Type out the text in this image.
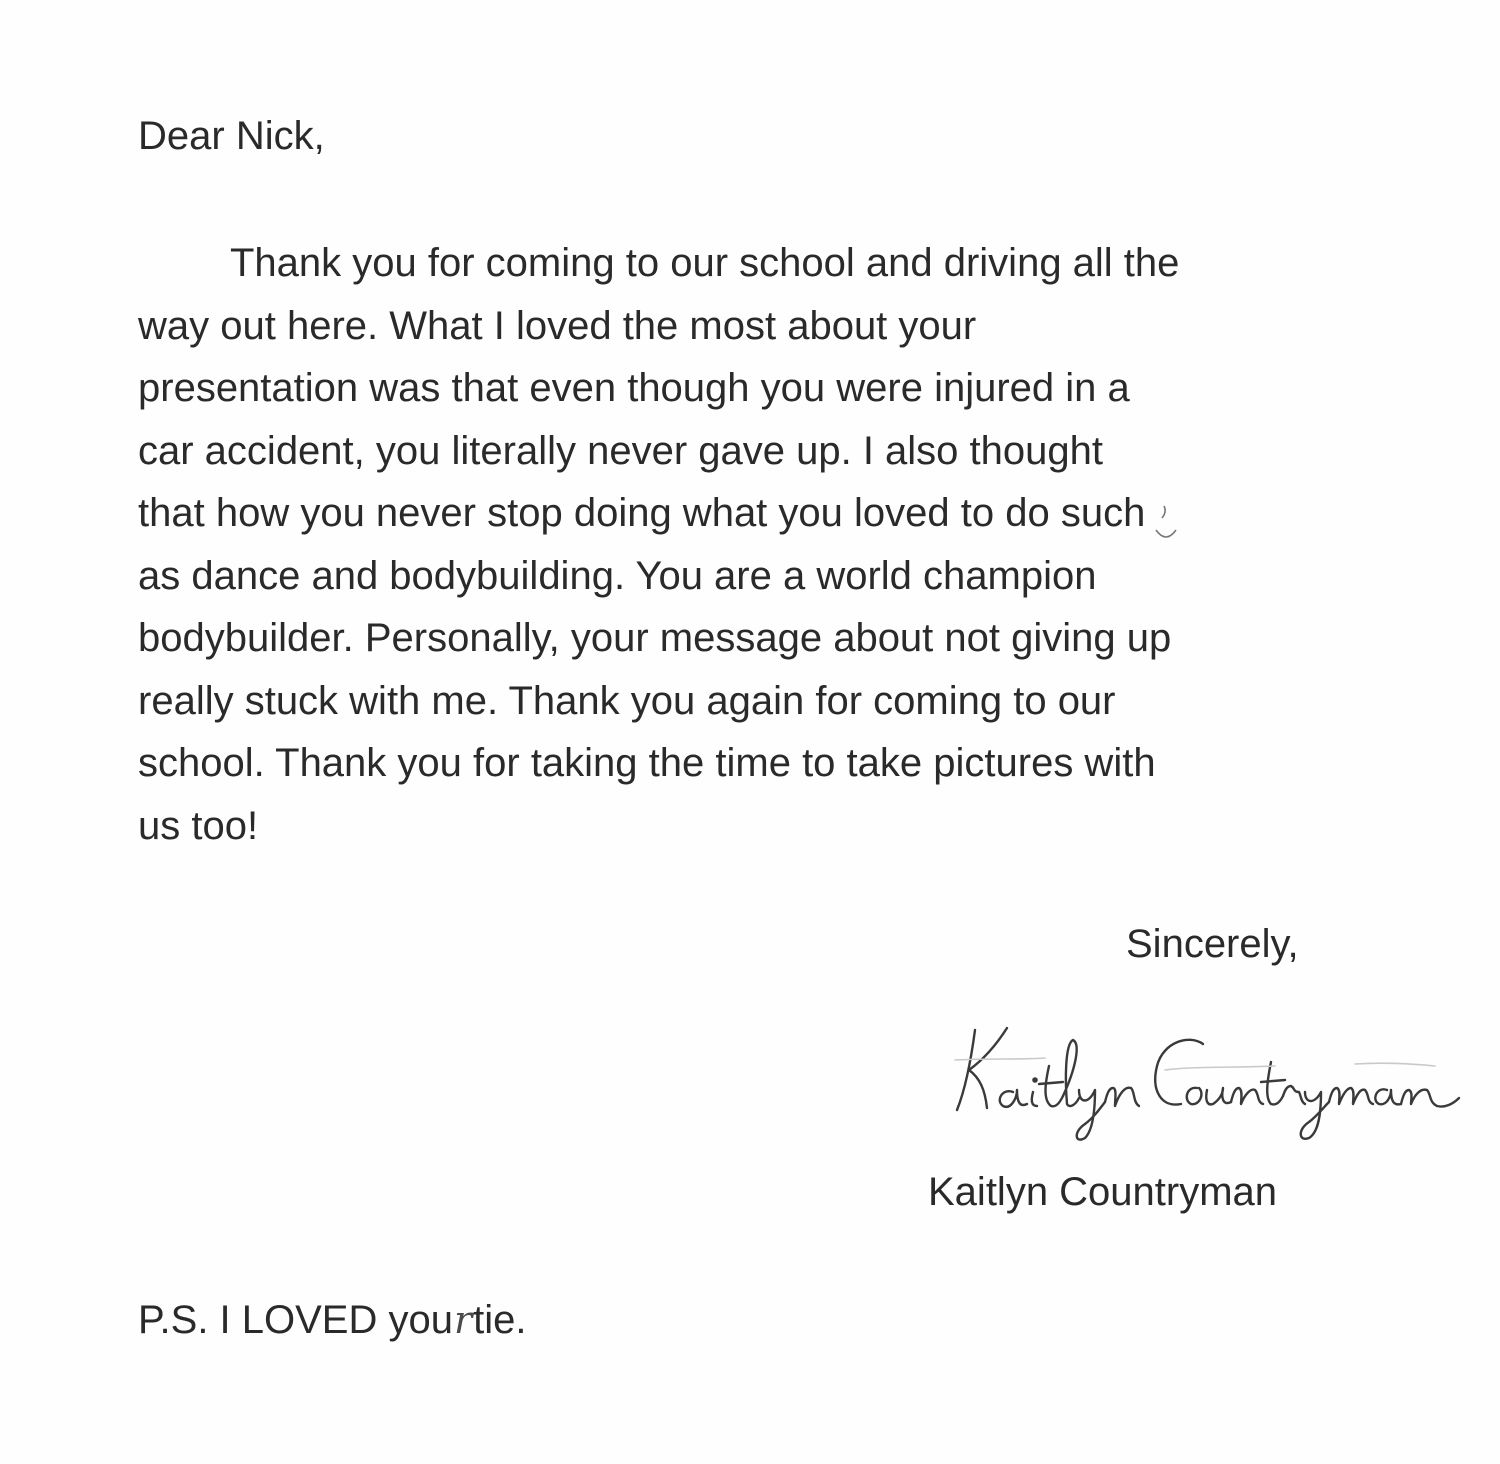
Dear Nick,
Thank you for coming to our school and driving all the
way out here. What I loved the most about your
presentation was that even though you were injured in a
car accident, you literally never gave up. I also thought
that how you never stop doing what you loved to do such
as dance and bodybuilding. You are a world champion
bodybuilder. Personally, your message about not giving up
really stuck with me. Thank you again for coming to our
school. Thank you for taking the time to take pictures with
us too!
Sincerely,
Kaitlyn Countryman
P.S. I LOVED yourtie.
